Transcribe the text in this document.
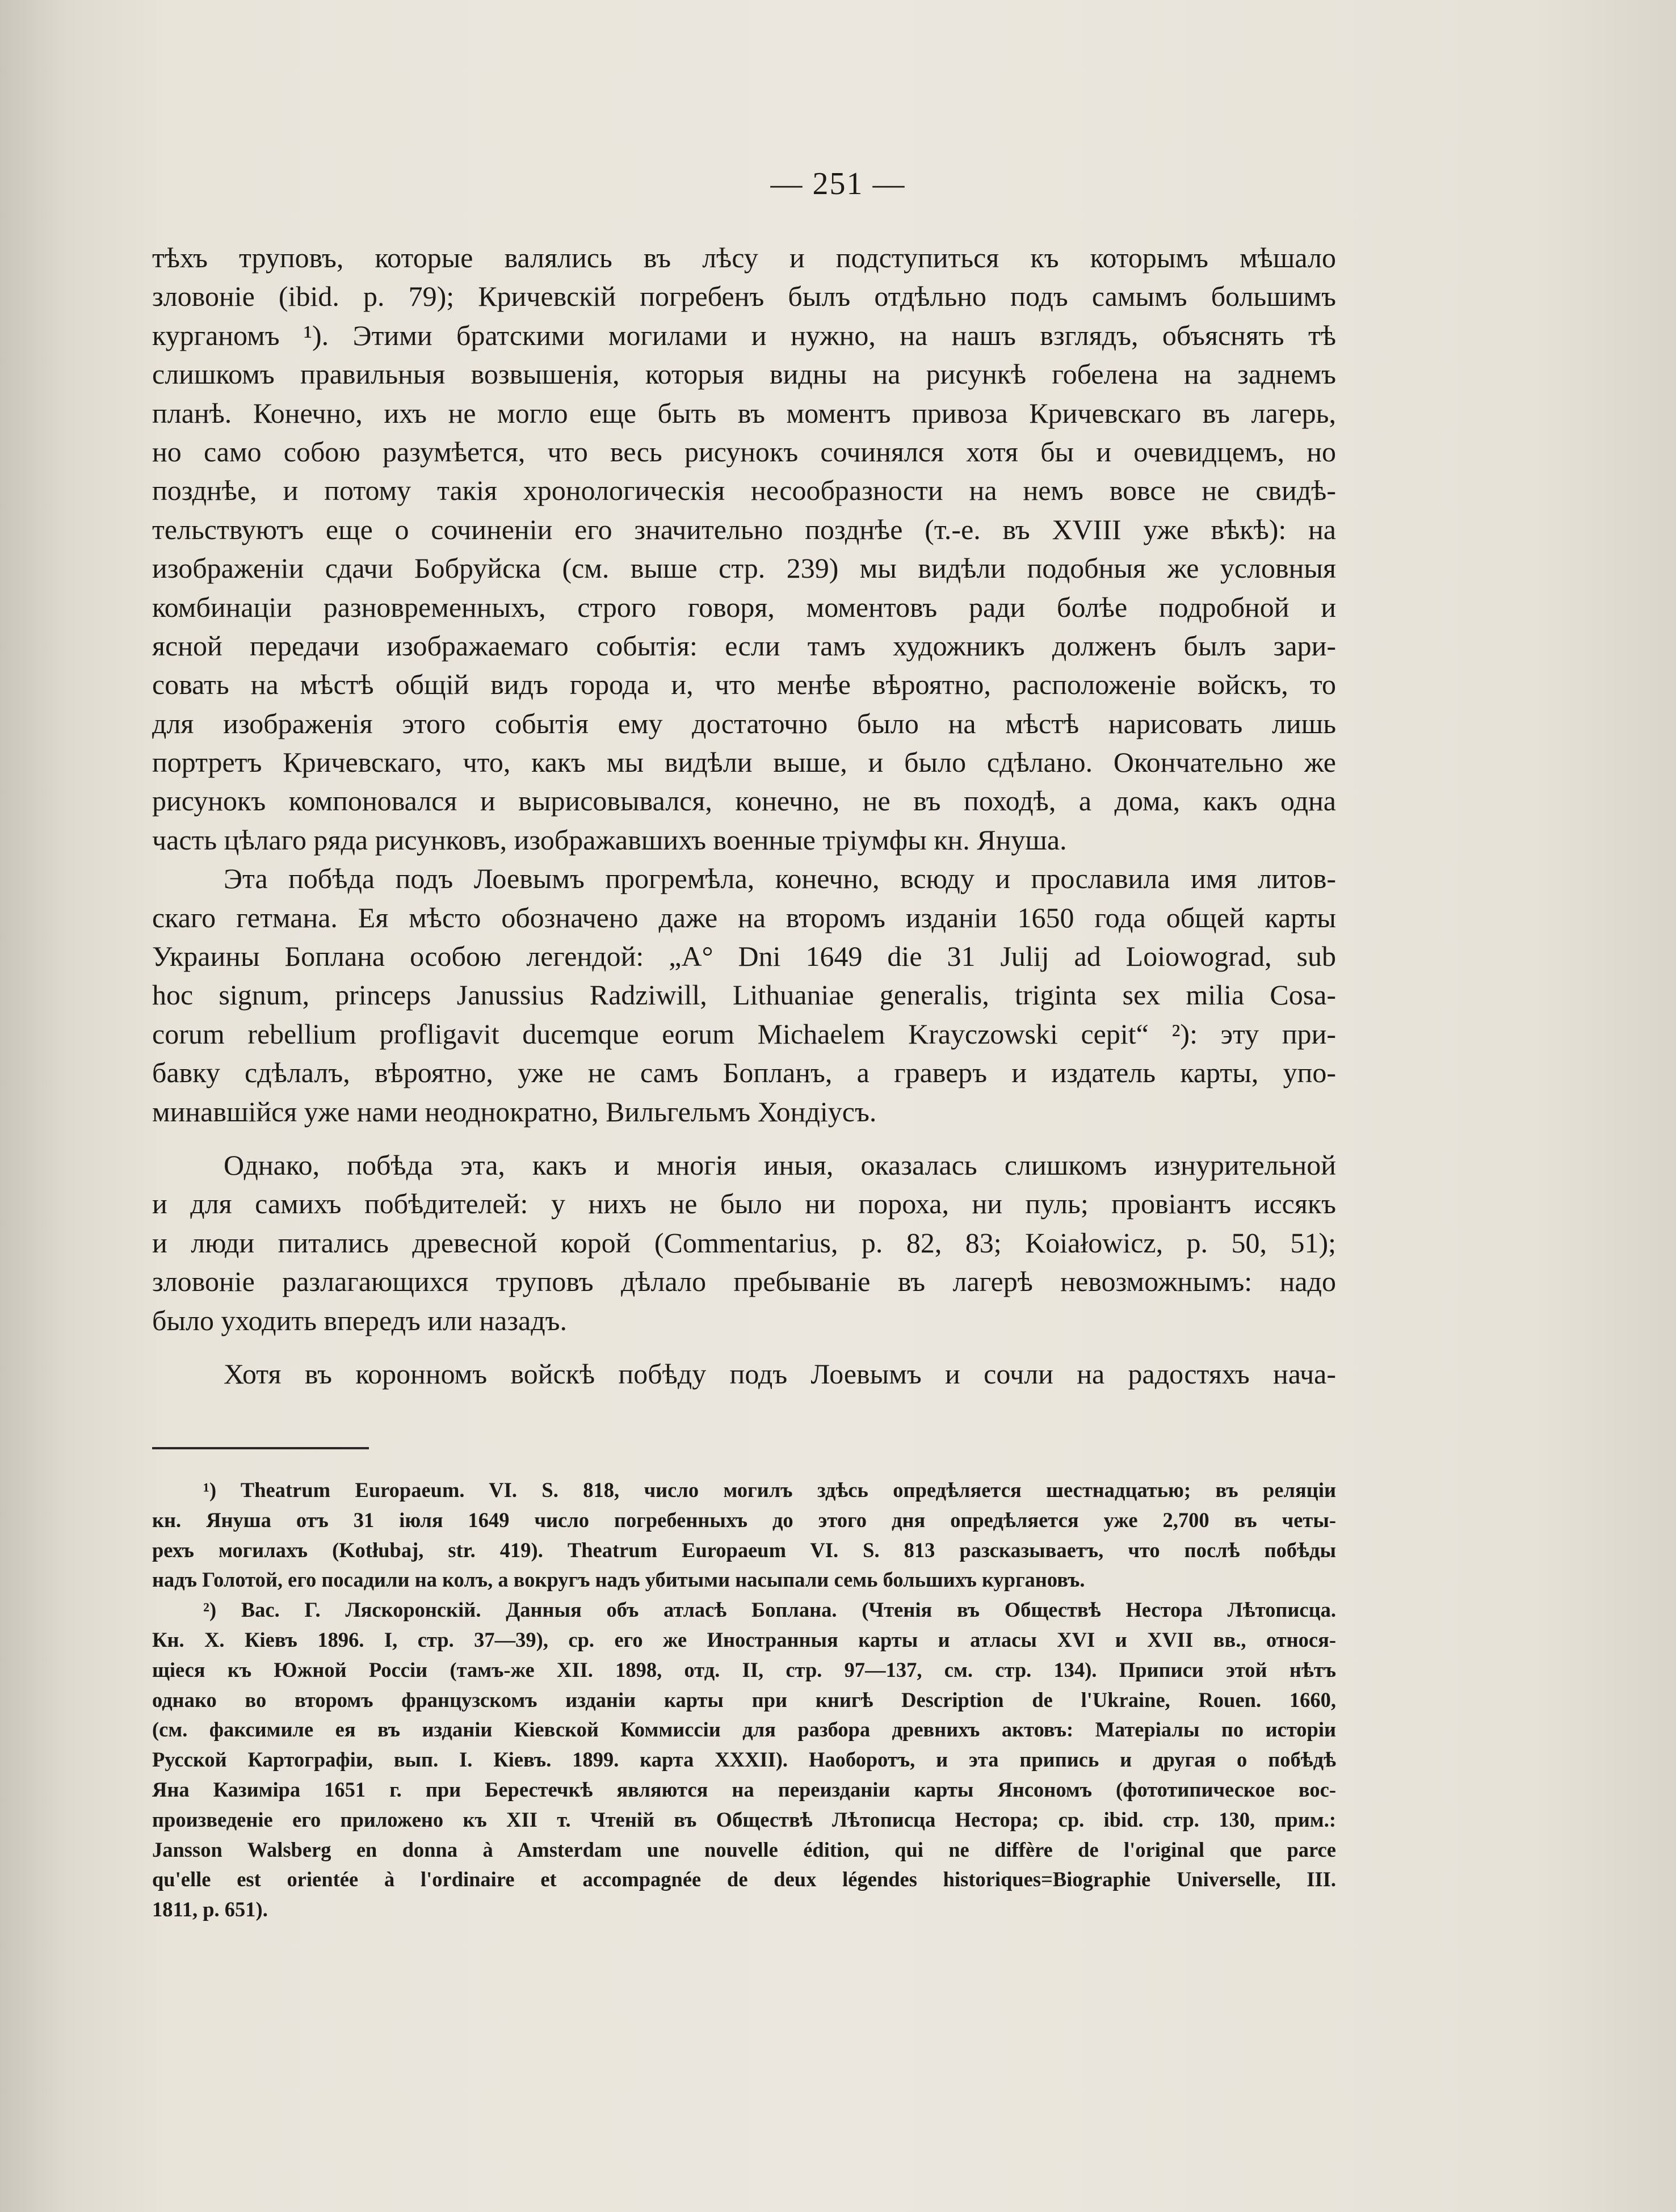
— 251 —
тѣхъ труповъ, которые валялись въ лѣсу и подступиться къ которымъ мѣшало
зловоніе (ibid. p. 79); Кричевскій погребенъ былъ отдѣльно подъ самымъ большимъ
курганомъ ¹). Этими братскими могилами и нужно, на нашъ взглядъ, объяснять тѣ
слишкомъ правильныя возвышенія, которыя видны на рисункѣ гобелена на заднемъ
планѣ. Конечно, ихъ не могло еще быть въ моментъ привоза Кричевскаго въ лагерь,
но само собою разумѣется, что весь рисунокъ сочинялся хотя бы и очевидцемъ, но
позднѣе, и потому такія хронологическія несообразности на немъ вовсе не свидѣ-
тельствуютъ еще о сочиненіи его значительно позднѣе (т.-е. въ XVIII уже вѣкѣ): на
изображеніи сдачи Бобруйска (см. выше стр. 239) мы видѣли подобныя же условныя
комбинаціи разновременныхъ, строго говоря, моментовъ ради болѣе подробной и
ясной передачи изображаемаго событія: если тамъ художникъ долженъ былъ зари-
совать на мѣстѣ общій видъ города и, что менѣе вѣроятно, расположеніе войскъ, то
для изображенія этого событія ему достаточно было на мѣстѣ нарисовать лишь
портретъ Кричевскаго, что, какъ мы видѣли выше, и было сдѣлано. Окончательно же
рисунокъ компоновался и вырисовывался, конечно, не въ походѣ, а дома, какъ одна
часть цѣлаго ряда рисунковъ, изображавшихъ военные тріумфы кн. Януша.
Эта побѣда подъ Лоевымъ прогремѣла, конечно, всюду и прославила имя литов-
скаго гетмана. Ея мѣсто обозначено даже на второмъ изданіи 1650 года общей карты
Украины Боплана особою легендой: „A° Dni 1649 die 31 Julij ad Loiowograd, sub
hoc signum, princeps Janussius Radziwill, Lithuaniae generalis, triginta sex milia Cosa-
corum rebellium profligavit ducemque eorum Michaelem Krayczowski cepit“ ²): эту при-
бавку сдѣлалъ, вѣроятно, уже не самъ Бопланъ, а граверъ и издатель карты, упо-
минавшійся уже нами неоднократно, Вильгельмъ Хондіусъ.
Однако, побѣда эта, какъ и многія иныя, оказалась слишкомъ изнурительной
и для самихъ побѣдителей: у нихъ не было ни пороха, ни пуль; провіантъ иссякъ
и люди питались древесной корой (Commentarius, p. 82, 83; Koiałowicz, p. 50, 51);
зловоніе разлагающихся труповъ дѣлало пребываніе въ лагерѣ невозможнымъ: надо
было уходить впередъ или назадъ.
Хотя въ коронномъ войскѣ побѣду подъ Лоевымъ и сочли на радостяхъ нача-
¹) Theatrum Europaeum. VI. S. 818, число могилъ здѣсь опредѣляется шестнадцатью; въ реляціи
кн. Януша отъ 31 іюля 1649 число погребенныхъ до этого дня опредѣляется уже 2,700 въ четы-
рехъ могилахъ (Kotłubaj, str. 419). Theatrum Europaeum VI. S. 813 разсказываетъ, что послѣ побѣды
надъ Голотой, его посадили на колъ, а вокругъ надъ убитыми насыпали семь большихъ кургановъ.
²) Вас. Г. Ляскоронскій. Данныя объ атласѣ Боплана. (Чтенія въ Обществѣ Нестора Лѣтописца.
Кн. X. Кіевъ 1896. I, стр. 37—39), ср. его же Иностранныя карты и атласы XVI и XVII вв., относя-
щіеся къ Южной Россіи (тамъ-же XII. 1898, отд. II, стр. 97—137, см. стр. 134). Приписи этой нѣтъ
однако во второмъ французскомъ изданіи карты при книгѣ Description de l'Ukraine, Rouen. 1660,
(см. факсимиле ея въ изданіи Кіевской Коммиссіи для разбора древнихъ актовъ: Матеріалы по исторіи
Русской Картографіи, вып. I. Кіевъ. 1899. карта XXXII). Наоборотъ, и эта припись и другая о побѣдѣ
Яна Казиміра 1651 г. при Берестечкѣ являются на переизданіи карты Янсономъ (фототипическое вос-
произведеніе его приложено къ XII т. Чтеній въ Обществѣ Лѣтописца Нестора; ср. ibid. стр. 130, прим.:
Jansson Walsberg en donna à Amsterdam une nouvelle édition, qui ne diffère de l'original que parce
qu'elle est orientée à l'ordinaire et accompagnée de deux légendes historiques=Biographie Universelle, III.
1811, p. 651).
